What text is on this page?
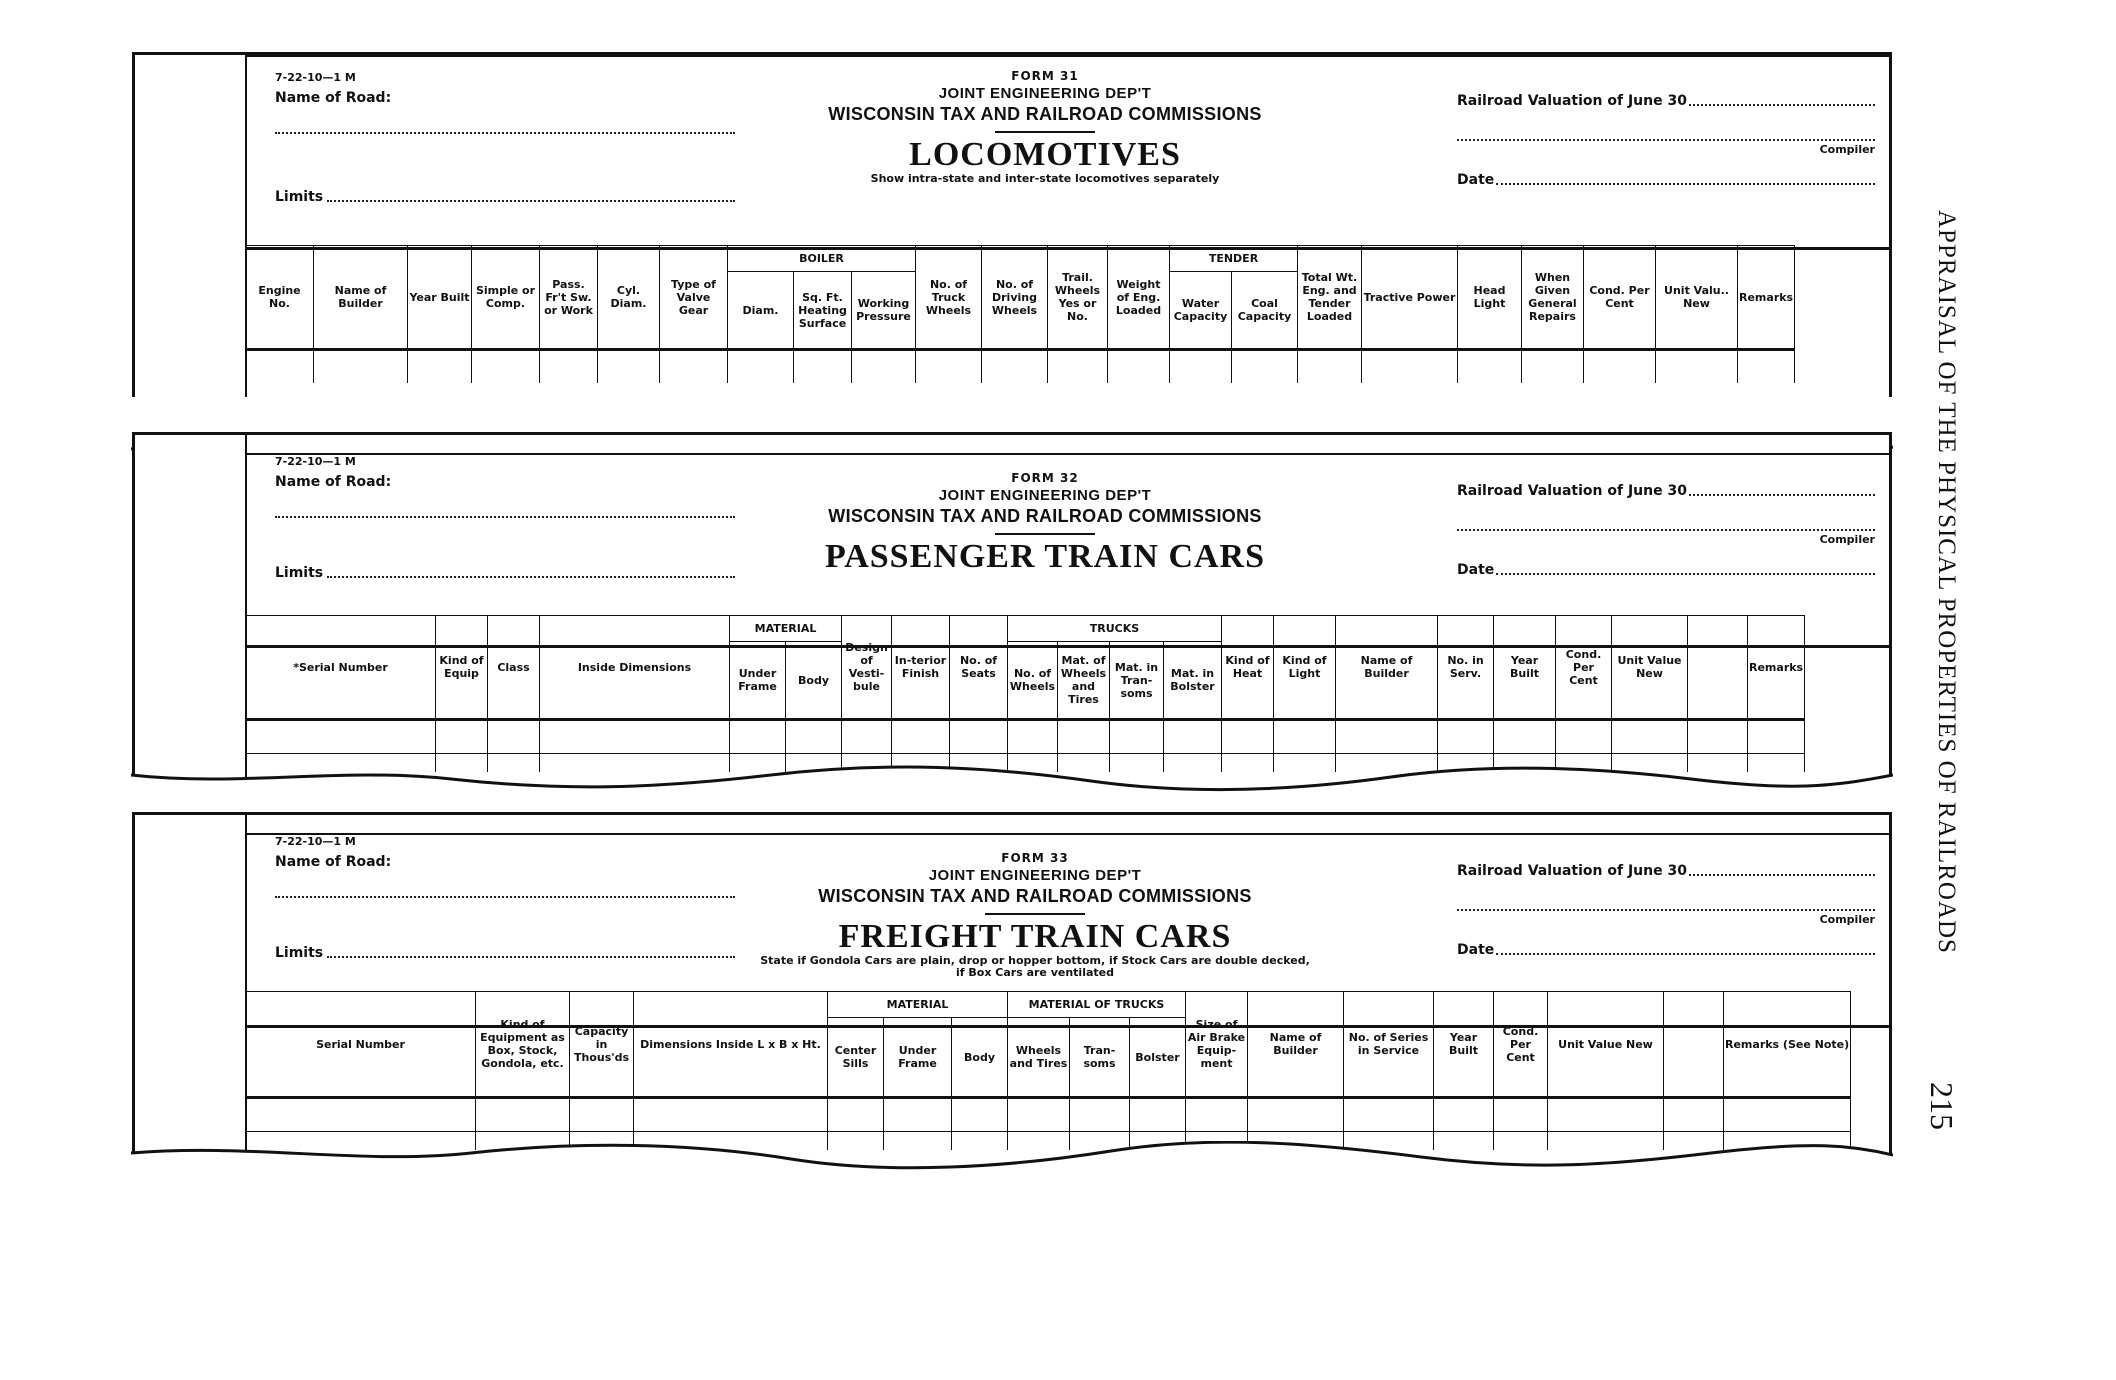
7-22-10—1 M
Name of Road:
Limits
FORM 31
JOINT ENGINEERING DEP'T
WISCONSIN TAX AND RAILROAD COMMISSIONS
LOCOMOTIVES
Show intra-state and inter-state locomotives separately
Railroad Valuation of June 30
Compiler
Date
Engine No.	Name of Builder	Year Built	Simple or Comp.	Pass. Fr't Sw. or Work	Cyl. Diam.	Type of Valve Gear	BOILER			No. of Truck Wheels	No. of Driving Wheels	Trail. Wheels Yes or No.	Weight of Eng. Loaded	TENDER		Total Wt. Eng. and Tender Loaded	Tractive Power	Head Light	When Given General Repairs	Cond. Per Cent	Unit Valu.. New	Remarks
							Diam.	Sq. Ft. Heating Surface	Working Pressure					Water Capacity	Coal Capacity							

7-22-10—1 M
Name of Road:
Limits
FORM 32
JOINT ENGINEERING DEP'T
WISCONSIN TAX AND RAILROAD COMMISSIONS
PASSENGER TRAIN CARS
Railroad Valuation of June 30
Compiler
Date
*Serial Number	Kind of Equip	Class	Inside Dimensions	MATERIAL		Design of Vesti-bule	In-terior Finish	No. of Seats	TRUCKS				Kind of Heat	Kind of Light	Name of Builder	No. in Serv.	Year Built	Cond. Per Cent	Unit Value New		Remarks
				Under Frame	Body				No. of Wheels	Mat. of Wheels and Tires	Mat. in Tran-soms	Mat. in Bolster									

7-22-10—1 M
Name of Road:
Limits
FORM 33
JOINT ENGINEERING DEP'T
WISCONSIN TAX AND RAILROAD COMMISSIONS
FREIGHT TRAIN CARS
State if Gondola Cars are plain, drop or hopper bottom, if Stock Cars are double decked,
if Box Cars are ventilated
Railroad Valuation of June 30
Compiler
Date
Serial Number	Kind of Equipment as Box, Stock, Gondola, etc.	Capacity in Thous'ds	Dimensions Inside L x B x Ht.	MATERIAL			MATERIAL OF TRUCKS			Size of Air Brake Equip-ment	Name of Builder	No. of Series in Service	Year Built	Cond. Per Cent	Unit Value New		Remarks (See Note)
				Center Sills	Under Frame	Body	Wheels and Tires	Tran-soms	Bolster								

APPRAISAL OF THE PHYSICAL PROPERTIES OF RAILROADS
215
